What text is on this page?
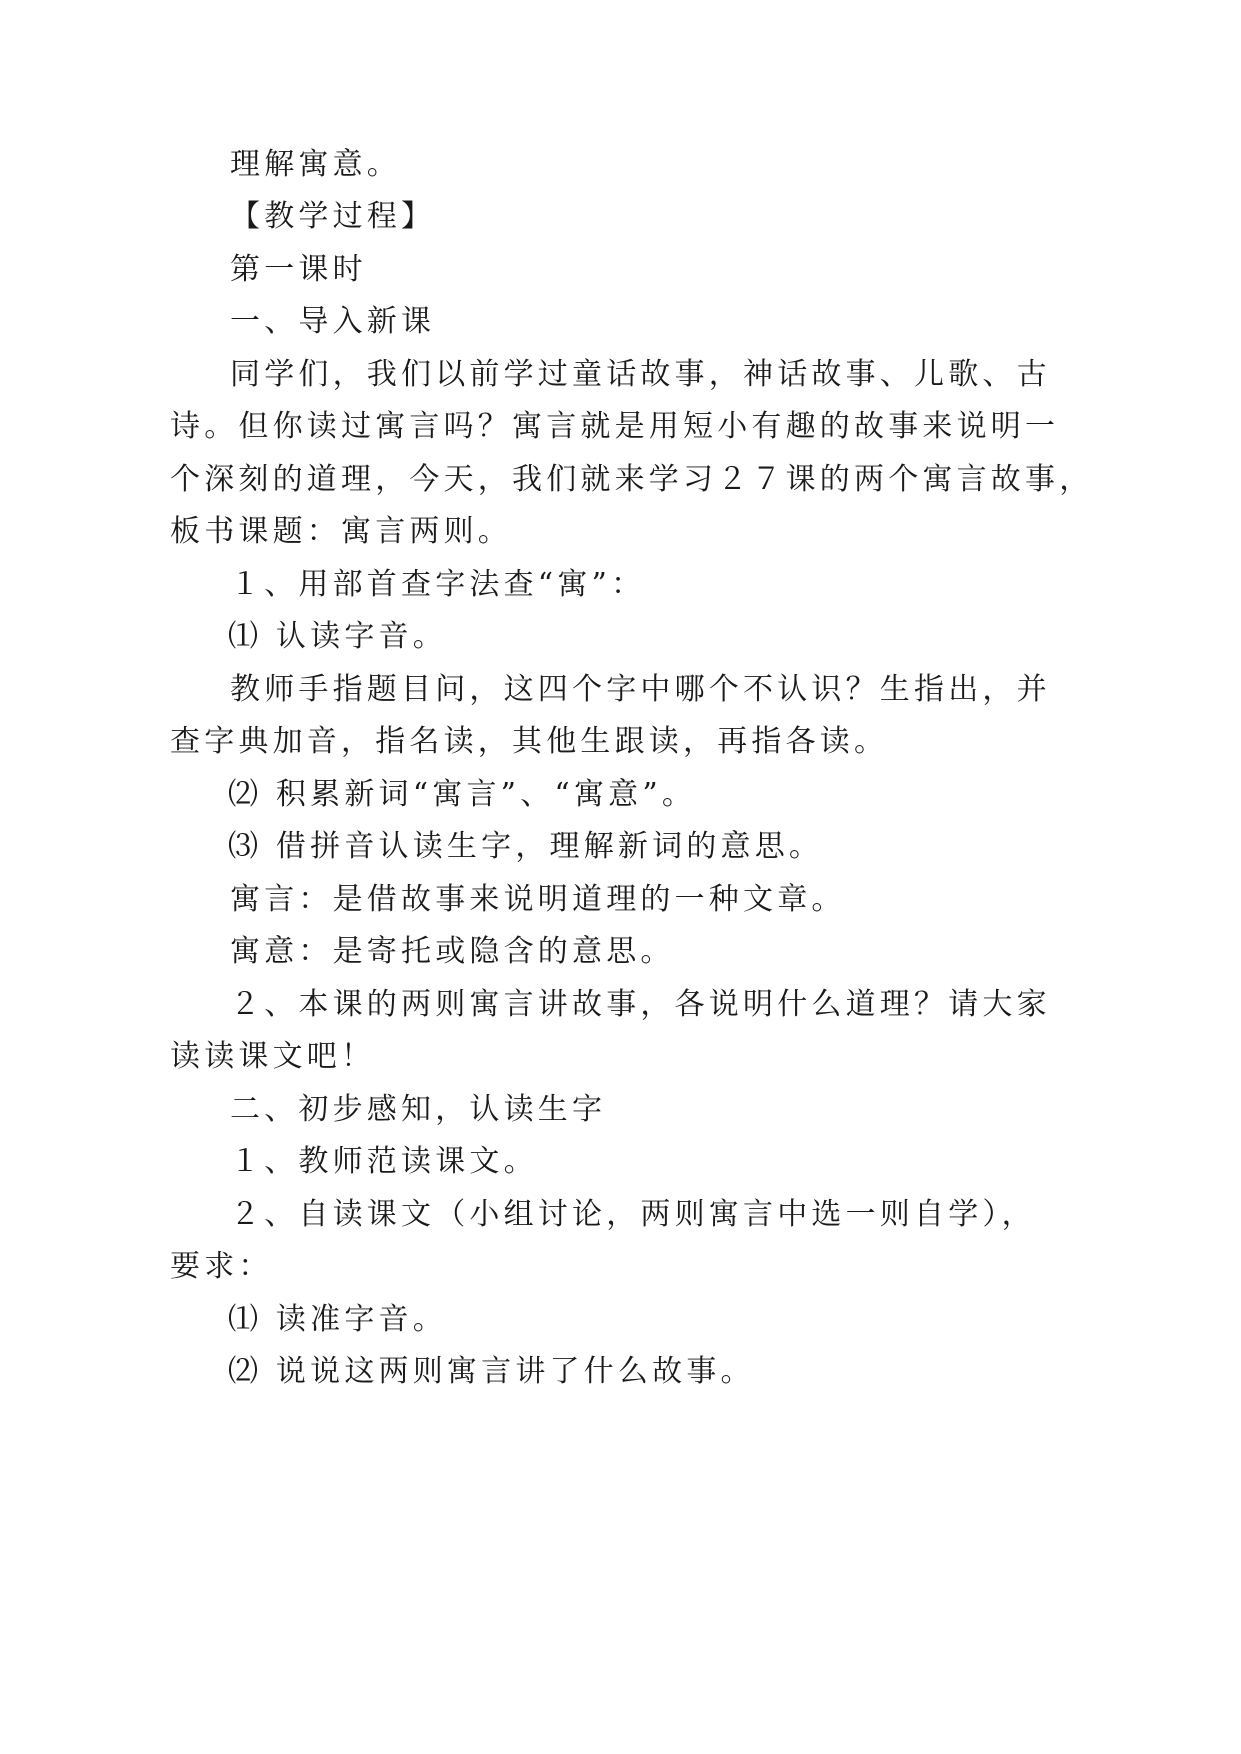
理解寓意。
【教学过程】
第一课时
一、导入新课
同学们，我们以前学过童话故事，神话故事、儿歌、古
诗。但你读过寓言吗？寓言就是用短小有趣的故事来说明一
个深刻的道理，今天，我们就来学习２７课的两个寓言故事，
板书课题：寓言两则。
１、用部首查字法查“寓”：
⑴ 认读字音。
教师手指题目问，这四个字中哪个不认识？生指出，并
查字典加音，指名读，其他生跟读，再指各读。
⑵ 积累新词“寓言”、“寓意”。
⑶ 借拼音认读生字，理解新词的意思。
寓言：是借故事来说明道理的一种文章。
寓意：是寄托或隐含的意思。
２、本课的两则寓言讲故事，各说明什么道理？请大家
读读课文吧！
二、初步感知，认读生字
１、教师范读课文。
２、自读课文（小组讨论，两则寓言中选一则自学），
要求：
⑴ 读准字音。
⑵ 说说这两则寓言讲了什么故事。
